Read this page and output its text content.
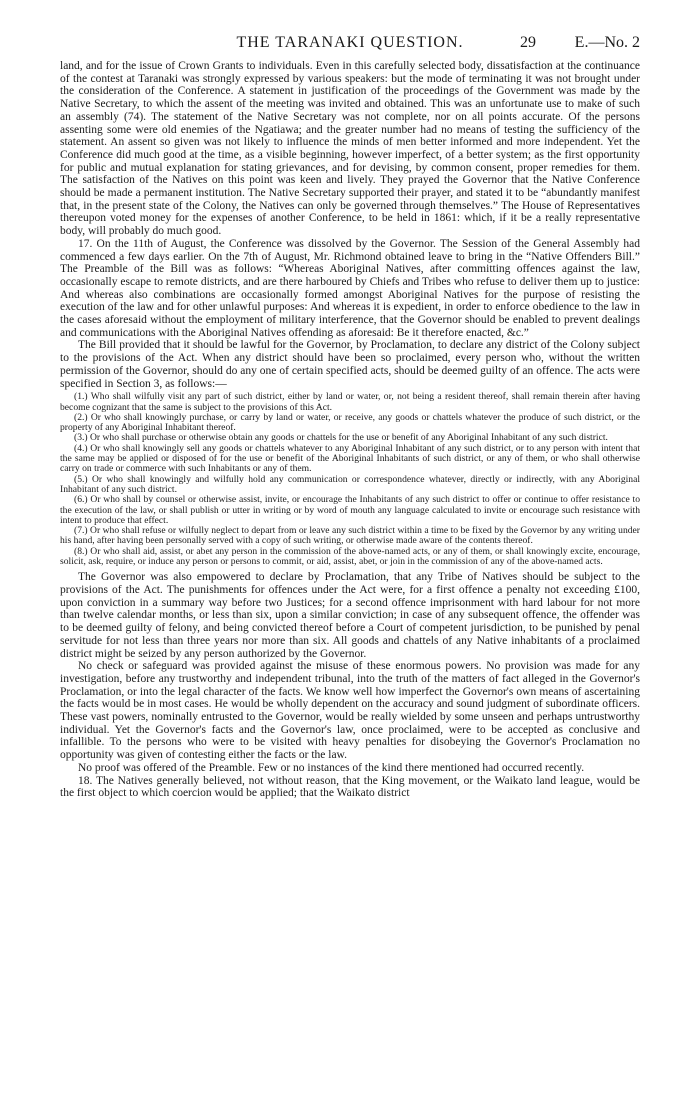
THE TARANAKI QUESTION.	29 E.—No. 2

land, and for the issue of Crown Grants to individuals. Even in this carefully selected body, dissatisfaction at the continuance of the contest at Taranaki was strongly expressed by various speakers: but the mode of terminating it was not brought under the consideration of the Conference. A statement in justification of the proceedings of the Government was made by the Native Secretary, to which the assent of the meeting was invited and obtained. This was an unfortunate use to make of such an assembly (74). The statement of the Native Secretary was not complete, nor on all points accurate. Of the persons assenting some were old enemies of the Ngatiawa; and the greater number had no means of testing the sufficiency of the statement. An assent so given was not likely to influence the minds of men better informed and more independent. Yet the Conference did much good at the time, as a visible beginning, however imperfect, of a better system; as the first opportunity for public and mutual explanation for stating grievances, and for devising, by common consent, proper remedies for them. The satisfaction of the Natives on this point was keen and lively. They prayed the Governor that the Native Conference should be made a permanent institution. The Native Secretary supported their prayer, and stated it to be “abundantly manifest that, in the present state of the Colony, the Natives can only be governed through themselves.” The House of Representatives thereupon voted money for the expenses of another Conference, to be held in 1861: which, if it be a really representative body, will probably do much good.

17. On the 11th of August, the Conference was dissolved by the Governor. The Session of the General Assembly had commenced a few days earlier. On the 7th of August, Mr. Richmond obtained leave to bring in the “Native Offenders Bill.” The Preamble of the Bill was as follows: “Whereas Aboriginal Natives, after committing offences against the law, occasionally escape to remote districts, and are there harboured by Chiefs and Tribes who refuse to deliver them up to justice: And whereas also combinations are occasionally formed amongst Aboriginal Natives for the purpose of resisting the execution of the law and for other unlawful purposes: And whereas it is expedient, in order to enforce obedience to the law in the cases aforesaid without the employment of military interference, that the Governor should be enabled to prevent dealings and communications with the Aboriginal Natives offending as aforesaid: Be it therefore enacted, &c.”

The Bill provided that it should be lawful for the Governor, by Proclamation, to declare any district of the Colony subject to the provisions of the Act. When any district should have been so proclaimed, every person who, without the written permission of the Governor, should do any one of certain specified acts, should be deemed guilty of an offence. The acts were specified in Section 3, as follows:—

(1.) Who shall wilfully visit any part of such district, either by land or water, or, not being a resident thereof, shall remain therein after having become cognizant that the same is subject to the provisions of this Act.

(2.) Or who shall knowingly purchase, or carry by land or water, or receive, any goods or chattels whatever the produce of such district, or the property of any Aboriginal Inhabitant thereof.

(3.) Or who shall purchase or otherwise obtain any goods or chattels for the use or benefit of any Aboriginal Inhabitant of any such district.

(4.) Or who shall knowingly sell any goods or chattels whatever to any Aboriginal Inhabitant of any such district, or to any person with intent that the same may be applied or disposed of for the use or benefit of the Aboriginal Inhabitants of such district, or any of them, or who shall otherwise carry on trade or commerce with such Inhabitants or any of them.

(5.) Or who shall knowingly and wilfully hold any communication or correspondence whatever, directly or indirectly, with any Aboriginal Inhabitant of any such district.

(6.) Or who shall by counsel or otherwise assist, invite, or encourage the Inhabitants of any such district to offer or continue to offer resistance to the execution of the law, or shall publish or utter in writing or by word of mouth any language calculated to invite or encourage such resistance with intent to produce that effect.

(7.) Or who shall refuse or wilfully neglect to depart from or leave any such district within a time to be fixed by the Governor by any writing under his hand, after having been personally served with a copy of such writing, or otherwise made aware of the contents thereof.

(8.) Or who shall aid, assist, or abet any person in the commission of the above-named acts, or any of them, or shall knowingly excite, encourage, solicit, ask, require, or induce any person or persons to commit, or aid, assist, abet, or join in the commission of any of the above-named acts.

The Governor was also empowered to declare by Proclamation, that any Tribe of Natives should be subject to the provisions of the Act. The punishments for offences under the Act were, for a first offence a penalty not exceeding £100, upon conviction in a summary way before two Justices; for a second offence imprisonment with hard labour for not more than twelve calendar months, or less than six, upon a similar conviction; in case of any subsequent offence, the offender was to be deemed guilty of felony, and being convicted thereof before a Court of competent jurisdiction, to be punished by penal servitude for not less than three years nor more than six. All goods and chattels of any Native inhabitants of a proclaimed district might be seized by any person authorized by the Governor.

No check or safeguard was provided against the misuse of these enormous powers. No provision was made for any investigation, before any trustworthy and independent tribunal, into the truth of the matters of fact alleged in the Governor's Proclamation, or into the legal character of the facts. We know well how imperfect the Governor's own means of ascertaining the facts would be in most cases. He would be wholly dependent on the accuracy and sound judgment of subordinate officers. These vast powers, nominally entrusted to the Governor, would be really wielded by some unseen and perhaps untrustworthy individual. Yet the Governor's facts and the Governor's law, once proclaimed, were to be accepted as conclusive and infallible. To the persons who were to be visited with heavy penalties for disobeying the Governor's Proclamation no opportunity was given of contesting either the facts or the law.

No proof was offered of the Preamble. Few or no instances of the kind there mentioned had occurred recently.

18. The Natives generally believed, not without reason, that the King movement, or the Waikato land league, would be the first object to which coercion would be applied; that the Waikato district
